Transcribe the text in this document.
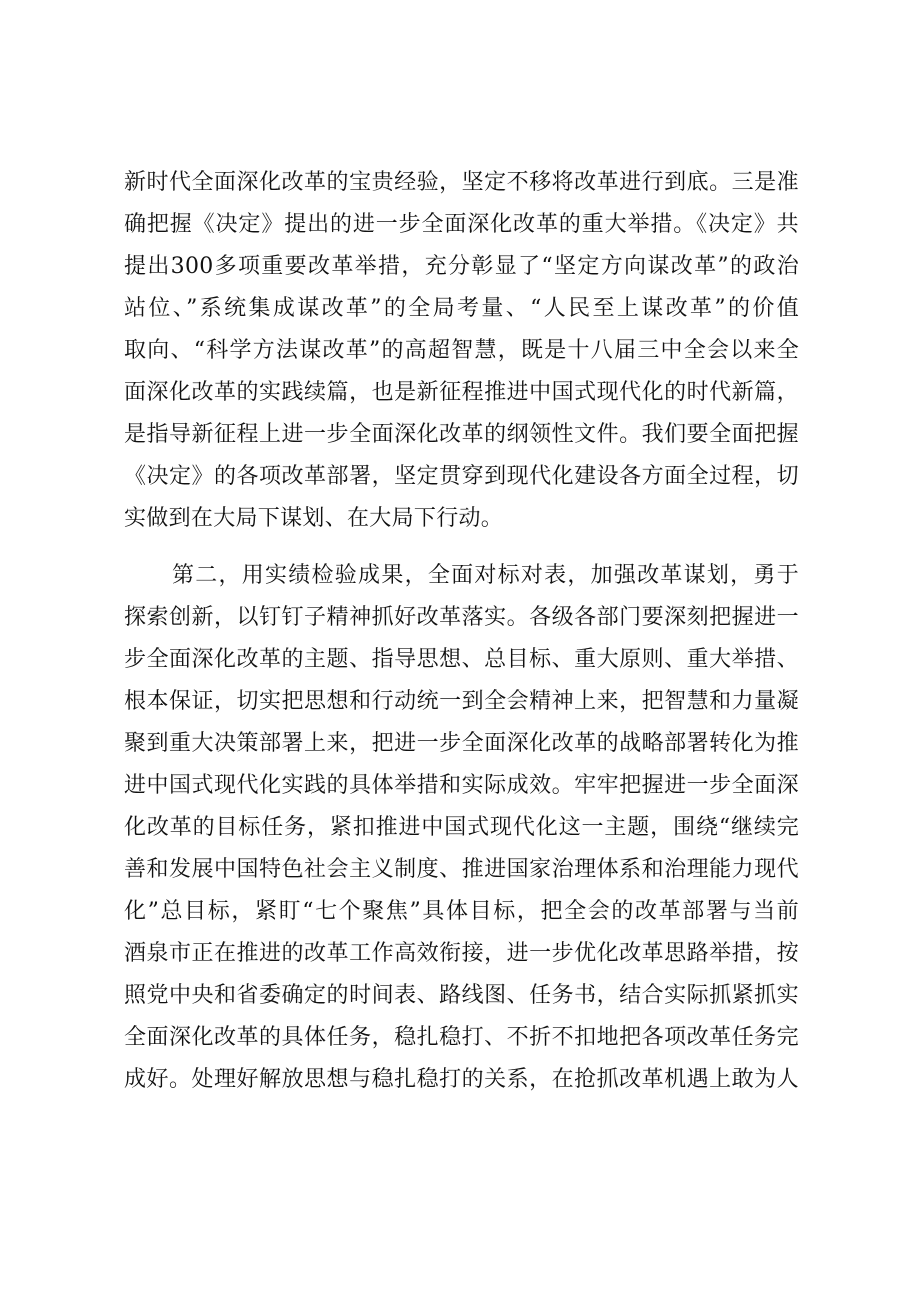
新时代全面深化改革的宝贵经验，坚定不移将改革进行到底。三是准
确把握《决定》提出的进一步全面深化改革的重大举措。《决定》共
提出300多项重要改革举措，充分彰显了“坚定方向谋改革”的政治
站位、”系统集成谋改革”的全局考量、“人民至上谋改革”的价值
取向、“科学方法谋改革”的高超智慧，既是十八届三中全会以来全
面深化改革的实践续篇，也是新征程推进中国式现代化的时代新篇，
是指导新征程上进一步全面深化改革的纲领性文件。我们要全面把握
《决定》的各项改革部署，坚定贯穿到现代化建设各方面全过程，切
实做到在大局下谋划、在大局下行动。
第二，用实绩检验成果，全面对标对表，加强改革谋划，勇于
探索创新，以钉钉子精神抓好改革落实。各级各部门要深刻把握进一
步全面深化改革的主题、指导思想、总目标、重大原则、重大举措、
根本保证，切实把思想和行动统一到全会精神上来，把智慧和力量凝
聚到重大决策部署上来，把进一步全面深化改革的战略部署转化为推
进中国式现代化实践的具体举措和实际成效。牢牢把握进一步全面深
化改革的目标任务，紧扣推进中国式现代化这一主题，围绕“继续完
善和发展中国特色社会主义制度、推进国家治理体系和治理能力现代
化”总目标，紧盯“七个聚焦”具体目标，把全会的改革部署与当前
酒泉市正在推进的改革工作高效衔接，进一步优化改革思路举措，按
照党中央和省委确定的时间表、路线图、任务书，结合实际抓紧抓实
全面深化改革的具体任务，稳扎稳打、不折不扣地把各项改革任务完
成好。处理好解放思想与稳扎稳打的关系，在抢抓改革机遇上敢为人
